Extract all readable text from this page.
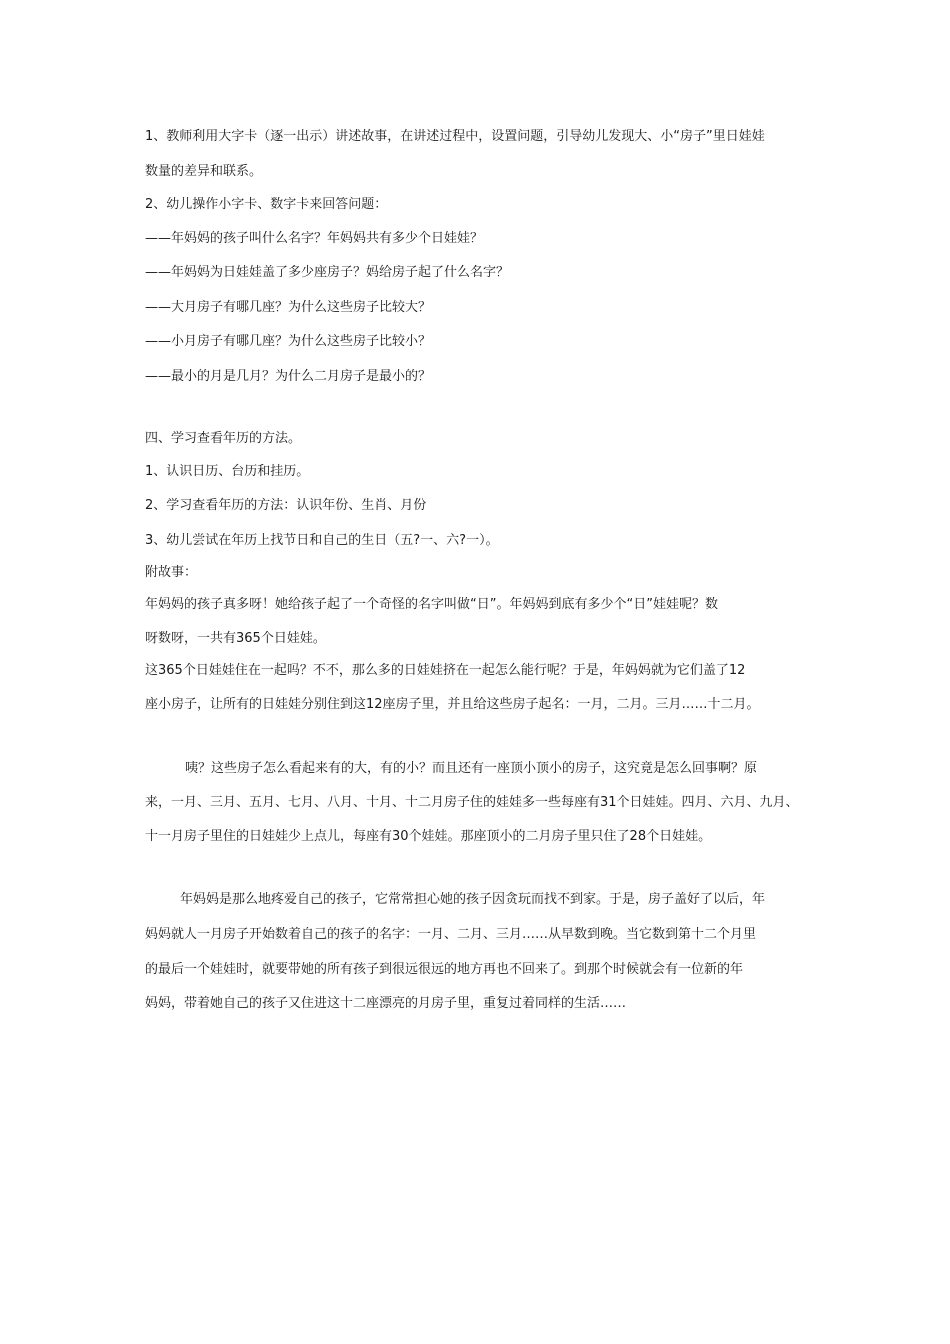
1、教师利用大字卡（逐一出示）讲述故事，在讲述过程中，设置问题，引导幼儿发现大、小“房子”里日娃娃
数量的差异和联系。
2、幼儿操作小字卡、数字卡来回答问题：
——年妈妈的孩子叫什么名字？年妈妈共有多少个日娃娃？
——年妈妈为日娃娃盖了多少座房子？妈给房子起了什么名字？
——大月房子有哪几座？为什么这些房子比较大？
——小月房子有哪几座？为什么这些房子比较小？
——最小的月是几月？为什么二月房子是最小的？
四、学习查看年历的方法。
1、认识日历、台历和挂历。
2、学习查看年历的方法：认识年份、生肖、月份
3、幼儿尝试在年历上找节日和自己的生日（五?一、六?一）。
附故事：
年妈妈的孩子真多呀！她给孩子起了一个奇怪的名字叫做“日”。年妈妈到底有多少个“日”娃娃呢？数
呀数呀，一共有365个日娃娃。
这365个日娃娃住在一起吗？不不，那么多的日娃娃挤在一起怎么能行呢？于是，年妈妈就为它们盖了12
座小房子，让所有的日娃娃分别住到这12座房子里，并且给这些房子起名：一月，二月。三月……十二月。
咦？这些房子怎么看起来有的大，有的小？而且还有一座顶小顶小的房子，这究竟是怎么回事啊？原
来，一月、三月、五月、七月、八月、十月、十二月房子住的娃娃多一些每座有31个日娃娃。四月、六月、九月、
十一月房子里住的日娃娃少上点儿，每座有30个娃娃。那座顶小的二月房子里只住了28个日娃娃。
年妈妈是那么地疼爱自己的孩子，它常常担心她的孩子因贪玩而找不到家。于是，房子盖好了以后，年
妈妈就人一月房子开始数着自己的孩子的名字：一月、二月、三月……从早数到晚。当它数到第十二个月里
的最后一个娃娃时，就要带她的所有孩子到很远很远的地方再也不回来了。到那个时候就会有一位新的年
妈妈，带着她自己的孩子又住进这十二座漂亮的月房子里，重复过着同样的生活……
